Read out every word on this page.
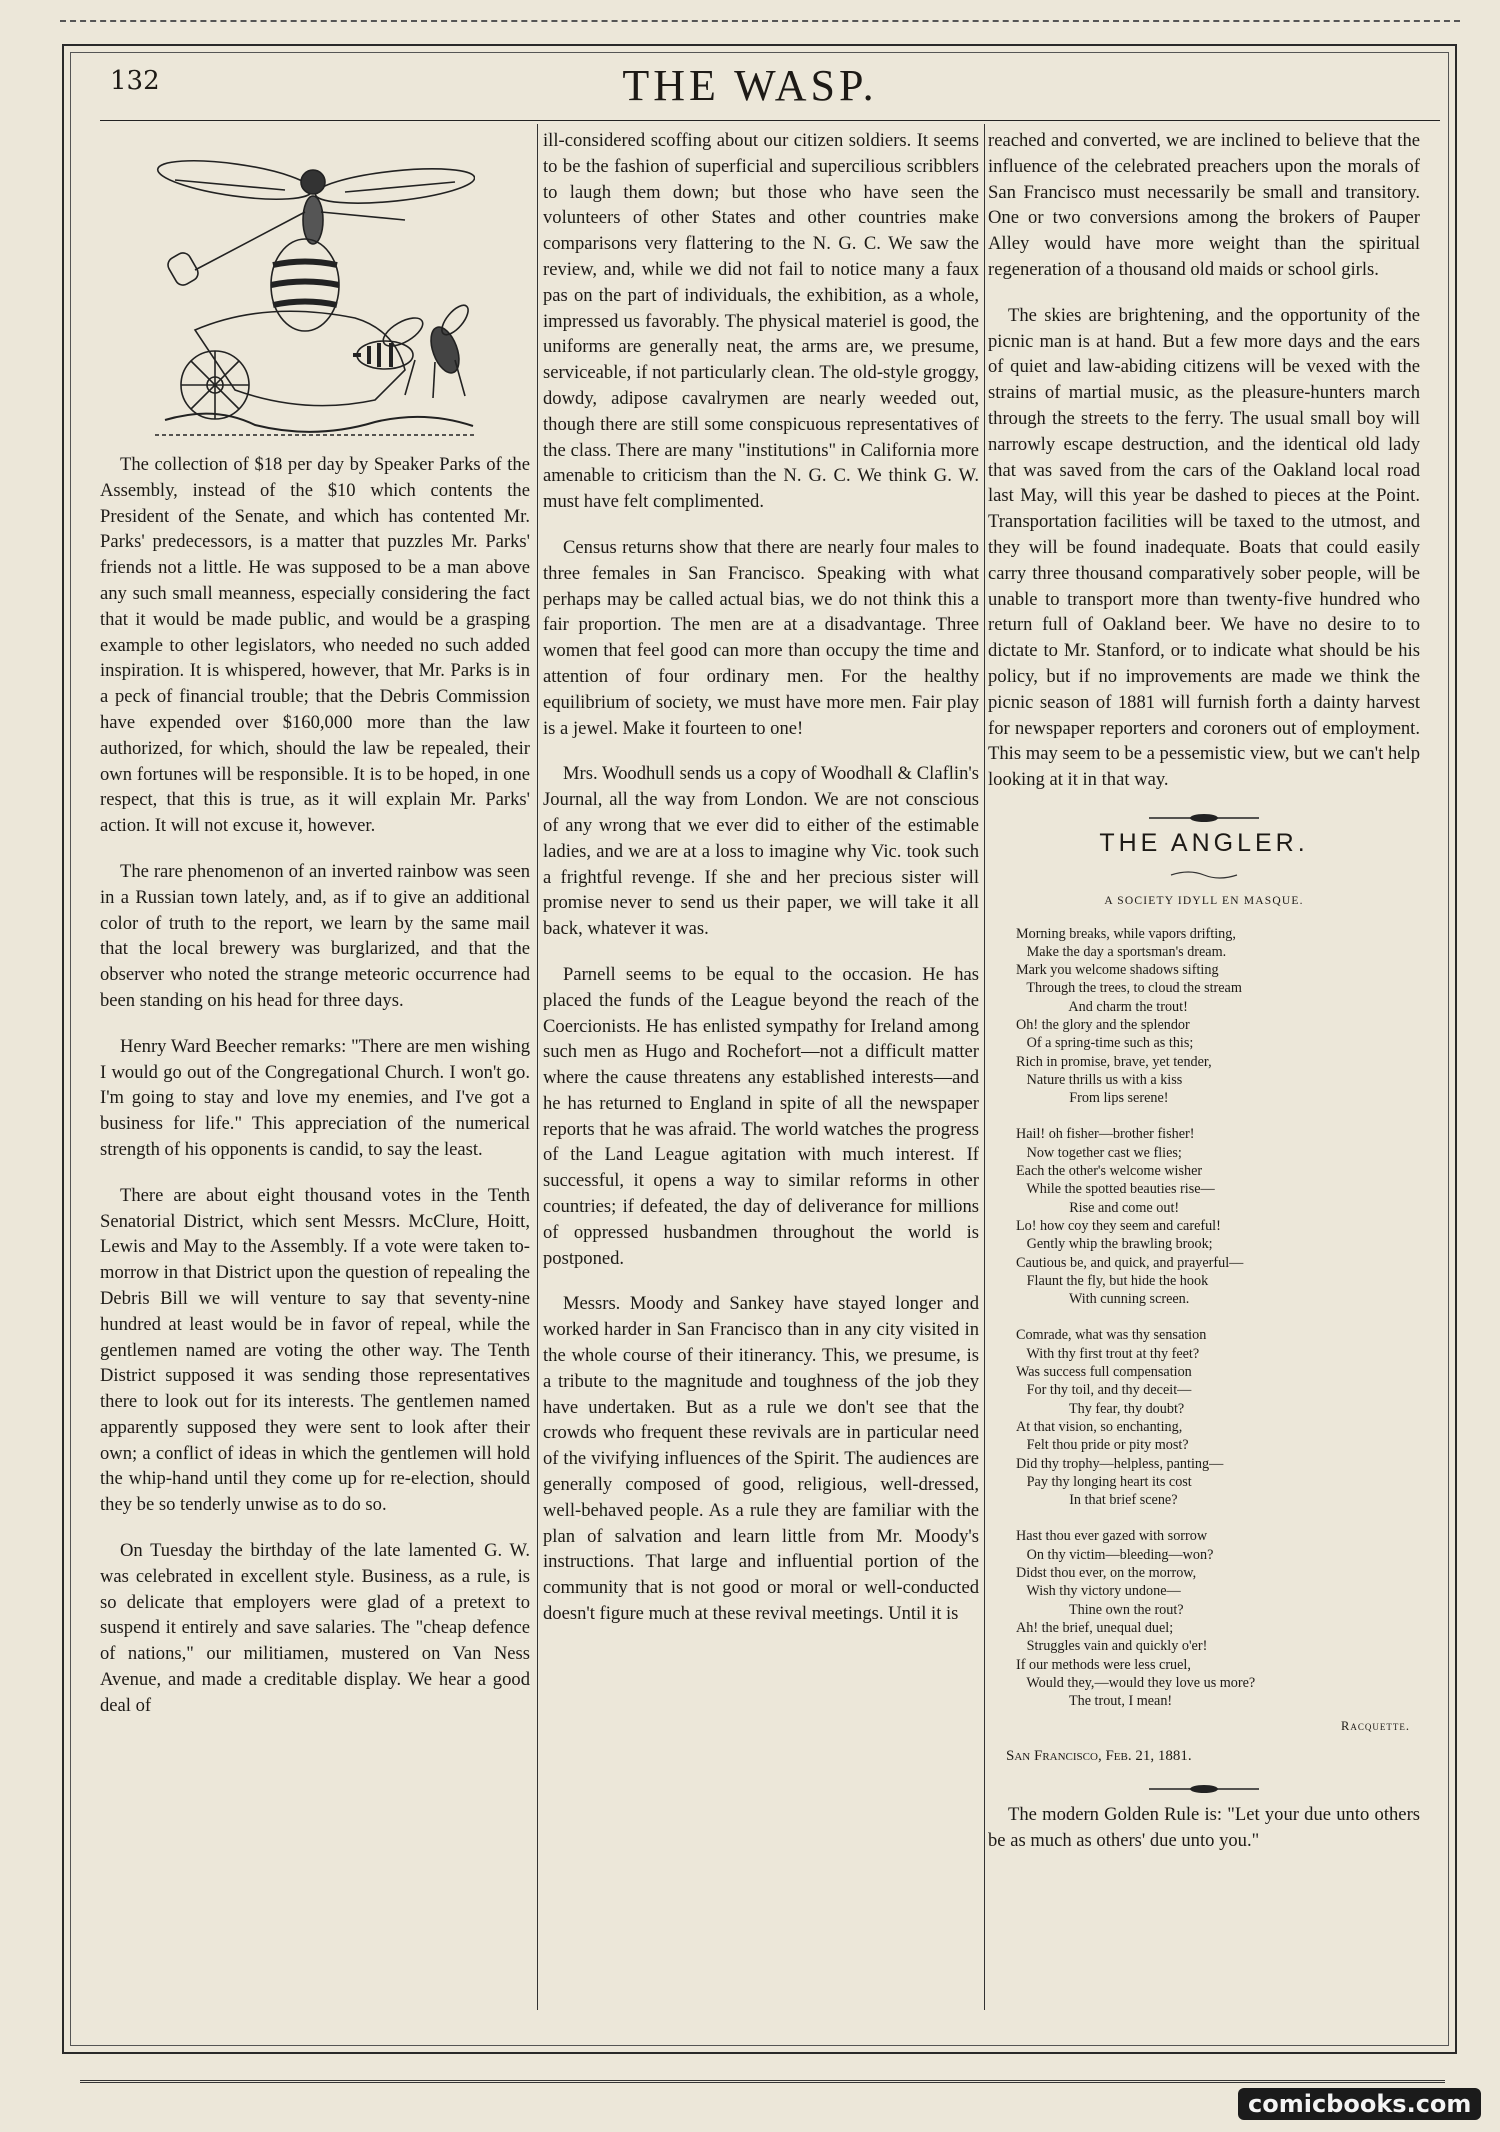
132	THE WASP.

The collection of $18 per day by Speaker Parks of the Assembly, instead of the $10 which contents the President of the Senate, and which has contented Mr. Parks' predecessors, is a matter that puzzles Mr. Parks' friends not a little. He was supposed to be a man above any such small meanness, especially considering the fact that it would be made public, and would be a grasping example to other legislators, who needed no such added inspiration. It is whispered, however, that Mr. Parks is in a peck of financial trouble; that the Debris Commission have expended over $160,000 more than the law authorized, for which, should the law be repealed, their own fortunes will be responsible. It is to be hoped, in one respect, that this is true, as it will explain Mr. Parks' action. It will not excuse it, however.

The rare phenomenon of an inverted rainbow was seen in a Russian town lately, and, as if to give an additional color of truth to the report, we learn by the same mail that the local brewery was burglarized, and that the observer who noted the strange meteoric occurrence had been standing on his head for three days.

Henry Ward Beecher remarks: "There are men wishing I would go out of the Congregational Church. I won't go. I'm going to stay and love my enemies, and I've got a business for life." This appreciation of the numerical strength of his opponents is candid, to say the least.

There are about eight thousand votes in the Tenth Senatorial District, which sent Messrs. McClure, Hoitt, Lewis and May to the Assembly. If a vote were taken to-morrow in that District upon the question of repealing the Debris Bill we will venture to say that seventy-nine hundred at least would be in favor of repeal, while the gentlemen named are voting the other way. The Tenth District supposed it was sending those representatives there to look out for its interests. The gentlemen named apparently supposed they were sent to look after their own; a conflict of ideas in which the gentlemen will hold the whip-hand until they come up for re-election, should they be so tenderly unwise as to do so.

On Tuesday the birthday of the late lamented G. W. was celebrated in excellent style. Business, as a rule, is so delicate that employers were glad of a pretext to suspend it entirely and save salaries. The "cheap defence of nations," our militiamen, mustered on Van Ness Avenue, and made a creditable display. We hear a good deal of

ill-considered scoffing about our citizen soldiers. It seems to be the fashion of superficial and supercilious scribblers to laugh them down; but those who have seen the volunteers of other States and other countries make comparisons very flattering to the N. G. C. We saw the review, and, while we did not fail to notice many a faux pas on the part of individuals, the exhibition, as a whole, impressed us favorably. The physical materiel is good, the uniforms are generally neat, the arms are, we presume, serviceable, if not particularly clean. The old-style groggy, dowdy, adipose cavalrymen are nearly weeded out, though there are still some conspicuous representatives of the class. There are many "institutions" in California more amenable to criticism than the N. G. C. We think G. W. must have felt complimented.

Census returns show that there are nearly four males to three females in San Francisco. Speaking with what perhaps may be called actual bias, we do not think this a fair proportion. The men are at a disadvantage. Three women that feel good can more than occupy the time and attention of four ordinary men. For the healthy equilibrium of society, we must have more men. Fair play is a jewel. Make it fourteen to one!

Mrs. Woodhull sends us a copy of Woodhall & Claflin's Journal, all the way from London. We are not conscious of any wrong that we ever did to either of the estimable ladies, and we are at a loss to imagine why Vic. took such a frightful revenge. If she and her precious sister will promise never to send us their paper, we will take it all back, whatever it was.

Parnell seems to be equal to the occasion. He has placed the funds of the League beyond the reach of the Coercionists. He has enlisted sympathy for Ireland among such men as Hugo and Rochefort—not a difficult matter where the cause threatens any established interests—and he has returned to England in spite of all the newspaper reports that he was afraid. The world watches the progress of the Land League agitation with much interest. If successful, it opens a way to similar reforms in other countries; if defeated, the day of deliverance for millions of oppressed husbandmen throughout the world is postponed.

Messrs. Moody and Sankey have stayed longer and worked harder in San Francisco than in any city visited in the whole course of their itinerancy. This, we presume, is a tribute to the magnitude and toughness of the job they have undertaken. But as a rule we don't see that the crowds who frequent these revivals are in particular need of the vivifying influences of the Spirit. The audiences are generally composed of good, religious, well-dressed, well-behaved people. As a rule they are familiar with the plan of salvation and learn little from Mr. Moody's instructions. That large and influential portion of the community that is not good or moral or well-conducted doesn't figure much at these revival meetings. Until it is

reached and converted, we are inclined to believe that the influence of the celebrated preachers upon the morals of San Francisco must necessarily be small and transitory. One or two conversions among the brokers of Pauper Alley would have more weight than the spiritual regeneration of a thousand old maids or school girls.

The skies are brightening, and the opportunity of the picnic man is at hand. But a few more days and the ears of quiet and law-abiding citizens will be vexed with the strains of martial music, as the pleasure-hunters march through the streets to the ferry. The usual small boy will narrowly escape destruction, and the identical old lady that was saved from the cars of the Oakland local road last May, will this year be dashed to pieces at the Point. Transportation facilities will be taxed to the utmost, and they will be found inadequate. Boats that could easily carry three thousand comparatively sober people, will be unable to transport more than twenty-five hundred who return full of Oakland beer. We have no desire to to dictate to Mr. Stanford, or to indicate what should be his policy, but if no improvements are made we think the picnic season of 1881 will furnish forth a dainty harvest for newspaper reporters and coroners out of employment. This may seem to be a pessemistic view, but we can't help looking at it in that way.

THE ANGLER.
A SOCIETY IDYLL EN MASQUE.
Morning breaks, while vapors drifting,
Make the day a sportsman's dream.
Mark you welcome shadows sifting
Through the trees, to cloud the stream
And charm the trout!
Oh! the glory and the splendor
Of a spring-time such as this;
Rich in promise, brave, yet tender,
Nature thrills us with a kiss
From lips serene!
Hail! oh fisher—brother fisher!
Now together cast we flies;
Each the other's welcome wisher
While the spotted beauties rise—
Rise and come out!
Lo! how coy they seem and careful!
Gently whip the brawling brook;
Cautious be, and quick, and prayerful—
Flaunt the fly, but hide the hook
With cunning screen.
Comrade, what was thy sensation
With thy first trout at thy feet?
Was success full compensation
For thy toil, and thy deceit—
Thy fear, thy doubt?
At that vision, so enchanting,
Felt thou pride or pity most?
Did thy trophy—helpless, panting—
Pay thy longing heart its cost
In that brief scene?
Hast thou ever gazed with sorrow
On thy victim—bleeding—won?
Didst thou ever, on the morrow,
Wish thy victory undone—
Thine own the rout?
Ah! the brief, unequal duel;
Struggles vain and quickly o'er!
If our methods were less cruel,
Would they,—would they love us more?
The trout, I mean!
Racquette.
San Francisco, Feb. 21, 1881.

The modern Golden Rule is: "Let your due unto others be as much as others' due unto you."

comicbooks.com
